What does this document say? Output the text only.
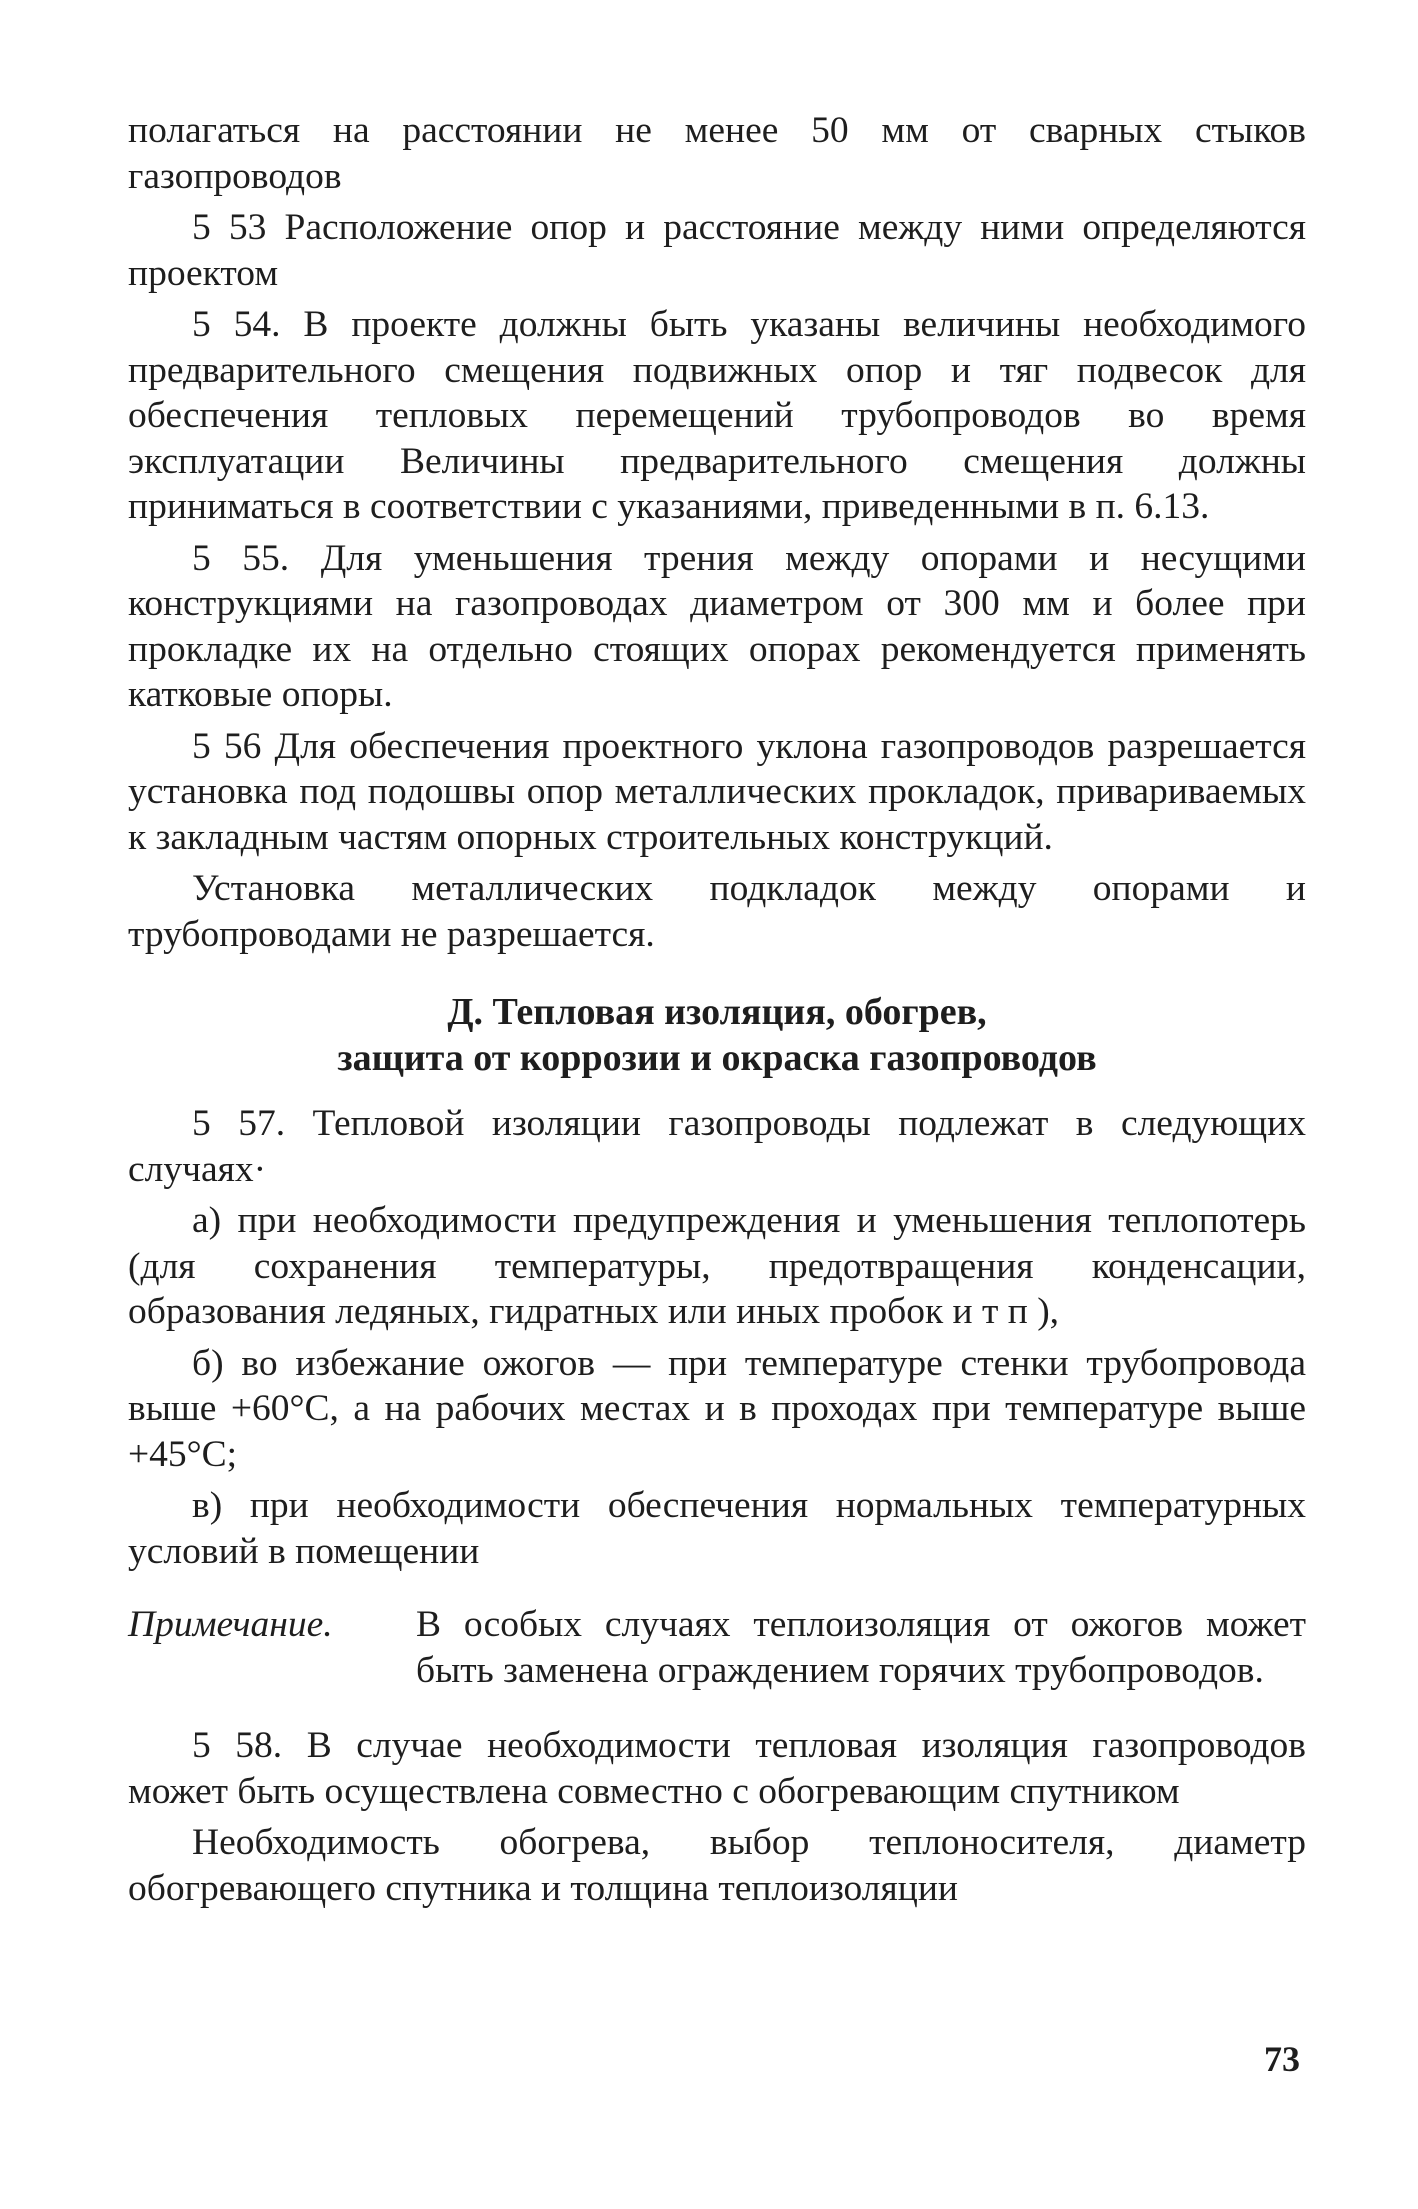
полагаться на расстоянии не менее 50 мм от сварных стыков газопроводов

5 53 Расположение опор и расстояние между ними определяются проектом

5 54. В проекте должны быть указаны величины необходимого предварительного смещения подвижных опор и тяг подвесок для обеспечения тепловых перемещений трубопроводов во время эксплуатации Величины предварительного смещения должны приниматься в соответствии с указаниями, приведенными в п. 6.13.

5 55. Для уменьшения трения между опорами и несущими конструкциями на газопроводах диаметром от 300 мм и более при прокладке их на отдельно стоящих опорах рекомендуется применять катковые опоры.

5 56 Для обеспечения проектного уклона газопроводов разрешается установка под подошвы опор металлических прокладок, привариваемых к закладным частям опорных строительных конструкций.

Установка металлических подкладок между опорами и трубопроводами не разрешается.

Д. Тепловая изоляция, обогрев,
защита от коррозии и окраска газопроводов

5 57. Тепловой изоляции газопроводы подлежат в следующих случаях·

а) при необходимости предупреждения и уменьшения теплопотерь (для сохранения температуры, предотвращения конденсации, образования ледяных, гидратных или иных пробок и т п ),

б) во избежание ожогов — при температуре стенки трубопровода выше +60°С, а на рабочих местах и в проходах при температуре выше +45°С;

в) при необходимости обеспечения нормальных температурных условий в помещении

Примечание.	В особых случаях теплоизоляция от ожогов может быть заменена ограждением горячих трубопроводов.

5 58. В случае необходимости тепловая изоляция газопроводов может быть осуществлена совместно с обогревающим спутником

Необходимость обогрева, выбор теплоносителя, диаметр обогревающего спутника и толщина теплоизоляции

73
